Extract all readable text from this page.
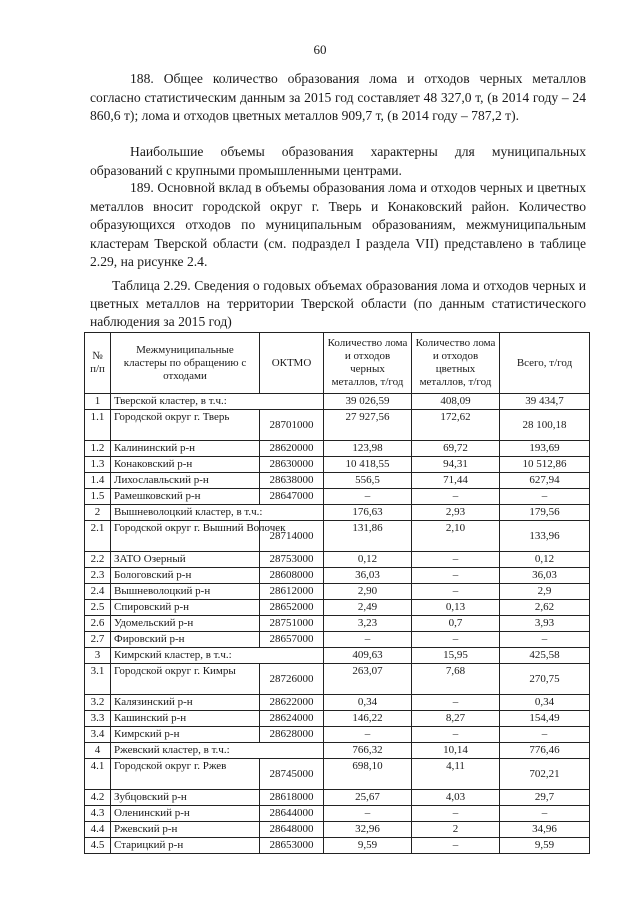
60

188. Общее количество образования лома и отходов черных металлов согласно статистическим данным за 2015 год составляет 48 327,0 т, (в 2014 году – 24 860,6 т); лома и отходов цветных металлов 909,7 т, (в 2014 году – 787,2 т).

Наибольшие объемы образования характерны для муниципальных образований с крупными промышленными центрами.

189. Основной вклад в объемы образования лома и отходов черных и цветных металлов вносит городской округ г. Тверь и Конаковский район. Количество образующихся отходов по муниципальным образованиям, межмуниципальным кластерам Тверской области (см. подраздел I раздела VII) представлено в таблице 2.29, на рисунке 2.4.

Таблица 2.29. Сведения о годовых объемах образования лома и отходов черных и цветных металлов на территории Тверской области (по данным статистического наблюдения за 2015 год)

№ п/п	Межмуниципальные кластеры по обращению с отходами	ОКТМО	Количество лома и отходов черных металлов, т/год	Количество лома и отходов цветных металлов, т/год	Всего, т/год
1	Тверской кластер, в т.ч.:		39 026,59	408,09	39 434,7
1.1	Городской округ г. Тверь	28701000	27 927,56	172,62	28 100,18
1.2	Калининский р-н	28620000	123,98	69,72	193,69
1.3	Конаковский р-н	28630000	10 418,55	94,31	10 512,86
1.4	Лихославльский р-н	28638000	556,5	71,44	627,94
1.5	Рамешковский р-н	28647000	–	–	–
2	Вышневолоцкий кластер, в т.ч.:		176,63	2,93	179,56
2.1	Городской округ г. Вышний Волочек	28714000	131,86	2,10	133,96
2.2	ЗАТО Озерный	28753000	0,12	–	0,12
2.3	Бологовский р-н	28608000	36,03	–	36,03
2.4	Вышневолоцкий р-н	28612000	2,90	–	2,9
2.5	Спировский р-н	28652000	2,49	0,13	2,62
2.6	Удомельский р-н	28751000	3,23	0,7	3,93
2.7	Фировский р-н	28657000	–	–	–
3	Кимрский кластер, в т.ч.:		409,63	15,95	425,58
3.1	Городской округ г. Кимры	28726000	263,07	7,68	270,75
3.2	Калязинский р-н	28622000	0,34	–	0,34
3.3	Кашинский р-н	28624000	146,22	8,27	154,49
3.4	Кимрский р-н	28628000	–	–	–
4	Ржевский кластер, в т.ч.:		766,32	10,14	776,46
4.1	Городской округ г. Ржев	28745000	698,10	4,11	702,21
4.2	Зубцовский р-н	28618000	25,67	4,03	29,7
4.3	Оленинский р-н	28644000	–	–	–
4.4	Ржевский р-н	28648000	32,96	2	34,96
4.5	Старицкий р-н	28653000	9,59	–	9,59
